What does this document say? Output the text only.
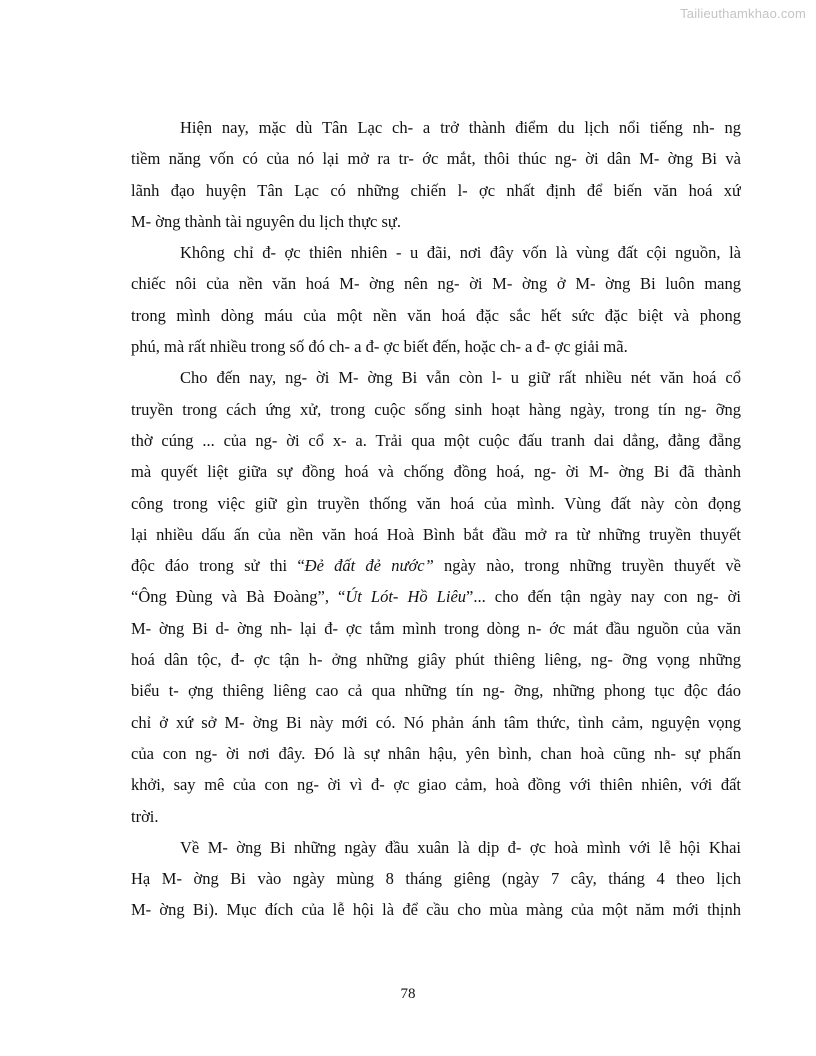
Tailieuthamkhao.com
Hiện nay, mặc dù Tân Lạc ch- a trở thành điểm du lịch nổi tiếng nh- ng
tiềm năng vốn có của nó lại mở ra tr- ớc mắt, thôi thúc ng- ời dân M- ờng Bi và
lãnh đạo huyện Tân Lạc có những chiến l- ợc nhất định để biến văn hoá xứ
M- ờng thành tài nguyên du lịch thực sự.
Không chỉ đ- ợc thiên nhiên - u đãi, nơi đây vốn là vùng đất cội nguồn, là
chiếc nôi của nền văn hoá M- ờng nên ng- ời M- ờng ở M- ờng Bi luôn mang
trong mình dòng máu của một nền văn hoá đặc sắc hết sức đặc biệt và phong
phú, mà rất nhiều trong số đó ch- a đ- ợc biết đến, hoặc ch- a đ- ợc giải mã.
Cho đến nay, ng- ời M- ờng Bi vẫn còn l- u giữ rất nhiều nét văn hoá cổ
truyền trong cách ứng xử, trong cuộc sống sinh hoạt hàng ngày, trong tín ng- ỡng
thờ cúng ... của ng- ời cổ x- a. Trải qua một cuộc đấu tranh dai dẳng, đằng đẵng
mà quyết liệt giữa sự đồng hoá và chống đồng hoá, ng- ời M- ờng Bi đã thành
công trong việc giữ gìn truyền thống văn hoá của mình. Vùng đất này còn đọng
lại nhiều dấu ấn của nền văn hoá Hoà Bình bắt đầu mở ra từ những truyền thuyết
độc đáo trong sử thi “Đẻ đất đẻ nước” ngày nào, trong những truyền thuyết về
“Ông Đùng và Bà Đoàng”, “Út Lót- Hồ Liêu”... cho đến tận ngày nay con ng- ời
M- ờng Bi d- ờng nh- lại đ- ợc tắm mình trong dòng n- ớc mát đầu nguồn của văn
hoá dân tộc, đ- ợc tận h- ởng những giây phút thiêng liêng, ng- ỡng vọng những
biểu t- ợng thiêng liêng cao cả qua những tín ng- ỡng, những phong tục độc đáo
chỉ ở xứ sở M- ờng Bi này mới có. Nó phản ánh tâm thức, tình cảm, nguyện vọng
của con ng- ời nơi đây. Đó là sự nhân hậu, yên bình, chan hoà cũng nh- sự phấn
khởi, say mê của con ng- ời vì đ- ợc giao cảm, hoà đồng với thiên nhiên, với đất
trời.
Về M- ờng Bi những ngày đầu xuân là dịp đ- ợc hoà mình với lễ hội Khai
Hạ M- ờng Bi vào ngày mùng 8 tháng giêng (ngày 7 cây, tháng 4 theo lịch
M- ờng Bi). Mục đích của lễ hội là để cầu cho mùa màng của một năm mới thịnh
78
